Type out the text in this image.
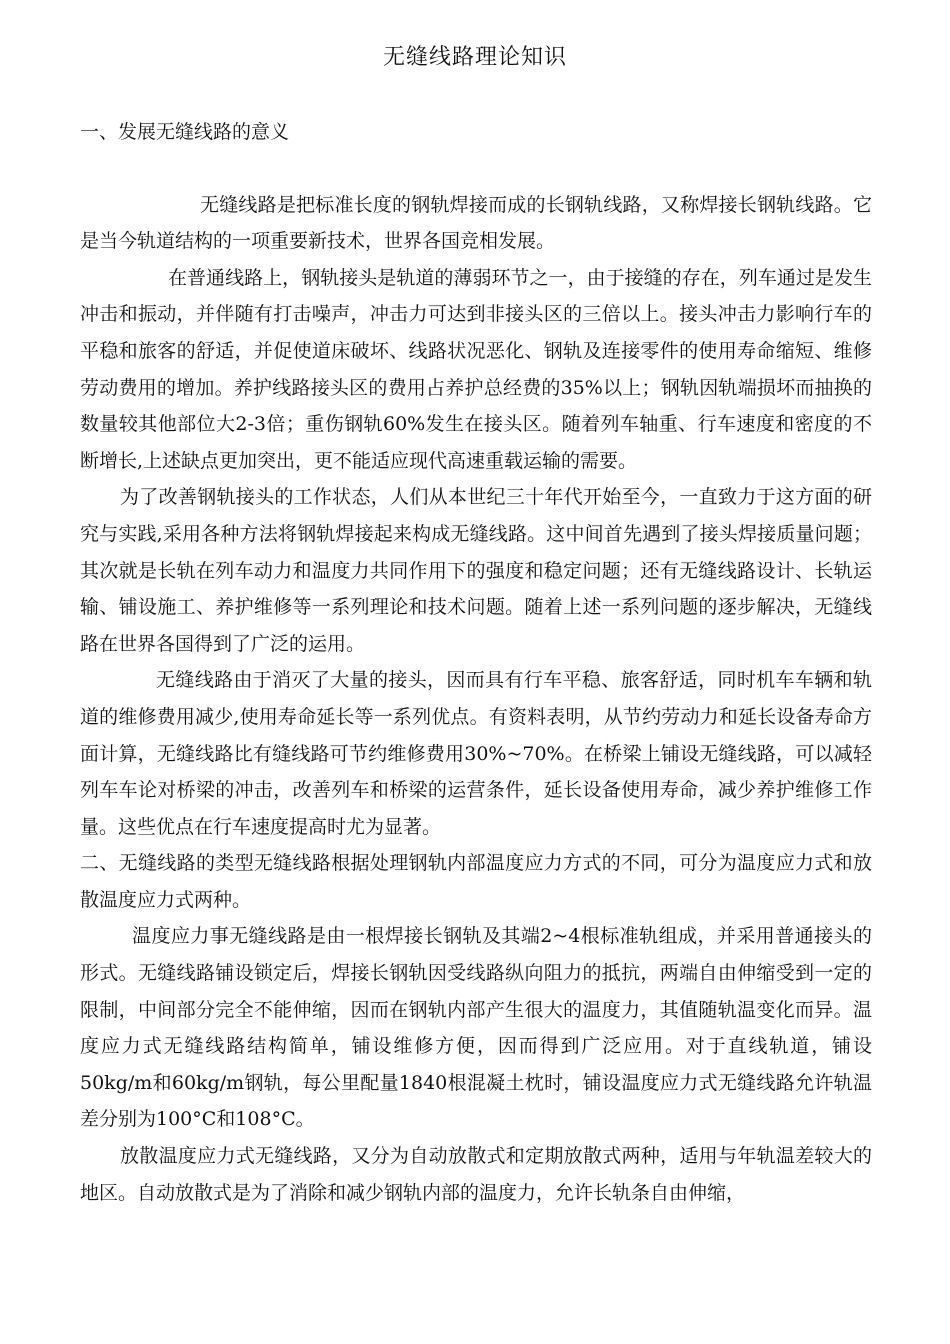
无缝线路理论知识

一、发展无缝线路的意义

无缝线路是把标准长度的钢轨焊接而成的长钢轨线路，又称焊接长钢轨线路。它是当今轨道结构的一项重要新技术，世界各国竞相发展。

在普通线路上，钢轨接头是轨道的薄弱环节之一，由于接缝的存在，列车通过是发生冲击和振动，并伴随有打击噪声，冲击力可达到非接头区的三倍以上。接头冲击力影响行车的平稳和旅客的舒适，并促使道床破坏、线路状况恶化、钢轨及连接零件的使用寿命缩短、维修劳动费用的增加。养护线路接头区的费用占养护总经费的35%以上；钢轨因轨端损坏而抽换的数量较其他部位大2-3倍；重伤钢轨60%发生在接头区。随着列车轴重、行车速度和密度的不断增长,上述缺点更加突出，更不能适应现代高速重载运输的需要。

为了改善钢轨接头的工作状态，人们从本世纪三十年代开始至今，一直致力于这方面的研究与实践,采用各种方法将钢轨焊接起来构成无缝线路。这中间首先遇到了接头焊接质量问题；其次就是长轨在列车动力和温度力共同作用下的强度和稳定问题；还有无缝线路设计、长轨运输、铺设施工、养护维修等一系列理论和技术问题。随着上述一系列问题的逐步解决，无缝线路在世界各国得到了广泛的运用。

无缝线路由于消灭了大量的接头，因而具有行车平稳、旅客舒适，同时机车车辆和轨道的维修费用减少,使用寿命延长等一系列优点。有资料表明，从节约劳动力和延长设备寿命方面计算，无缝线路比有缝线路可节约维修费用30%~70%。在桥梁上铺设无缝线路，可以减轻列车车论对桥梁的冲击，改善列车和桥梁的运营条件，延长设备使用寿命，减少养护维修工作量。这些优点在行车速度提高时尤为显著。

二、无缝线路的类型无缝线路根据处理钢轨内部温度应力方式的不同，可分为温度应力式和放散温度应力式两种。

温度应力事无缝线路是由一根焊接长钢轨及其端2~4根标准轨组成，并采用普通接头的形式。无缝线路铺设锁定后，焊接长钢轨因受线路纵向阻力的抵抗，两端自由伸缩受到一定的限制，中间部分完全不能伸缩，因而在钢轨内部产生很大的温度力，其值随轨温变化而异。温度应力式无缝线路结构简单，铺设维修方便，因而得到广泛应用。对于直线轨道，铺设50kg/m和60kg/m钢轨，每公里配量1840根混凝土枕时，铺设温度应力式无缝线路允许轨温差分别为100°C和108°C。

放散温度应力式无缝线路，又分为自动放散式和定期放散式两种，适用与年轨温差较大的地区。自动放散式是为了消除和减少钢轨内部的温度力，允许长轨条自由伸缩，
